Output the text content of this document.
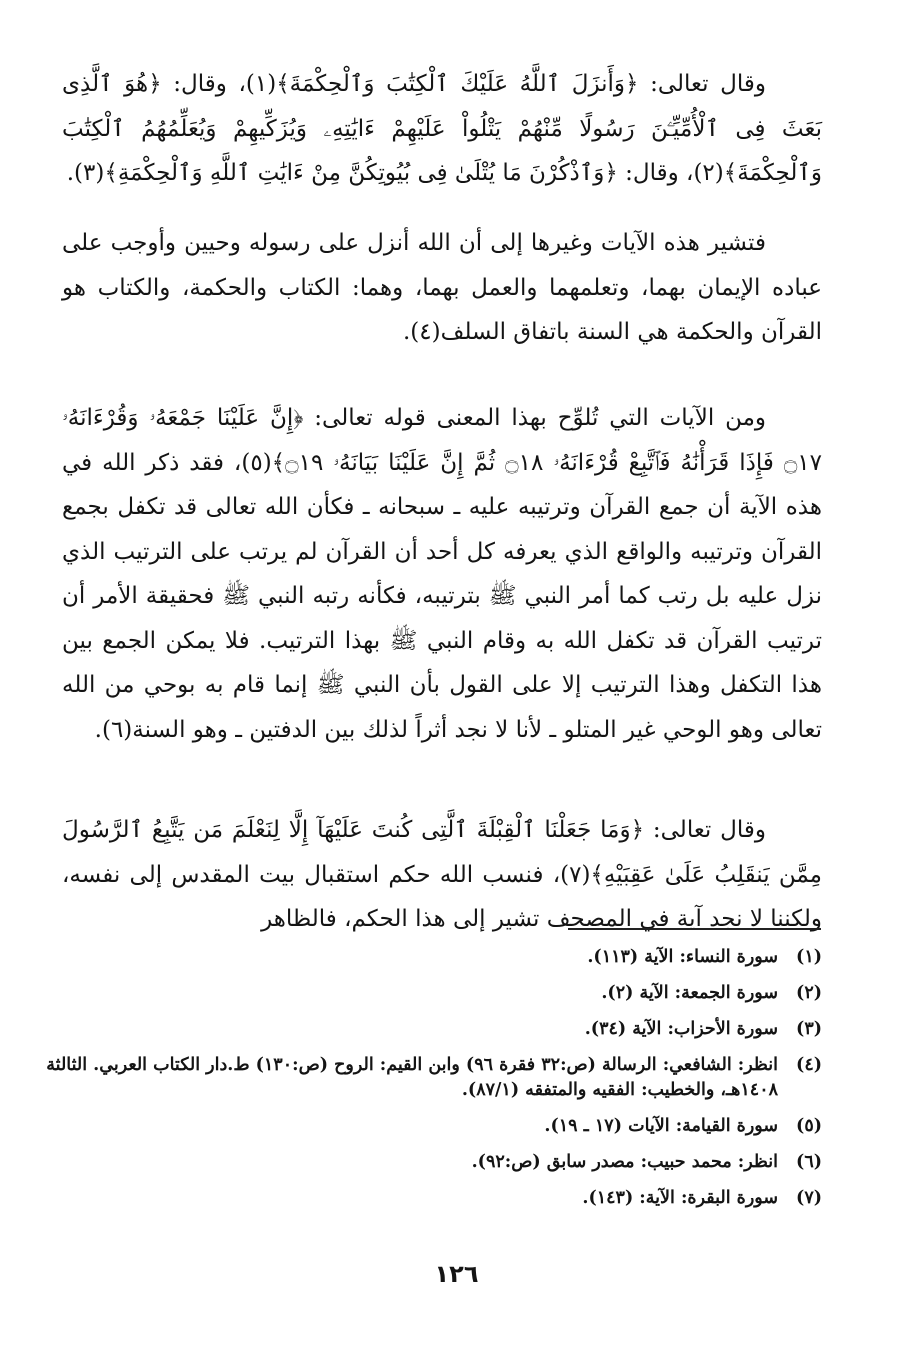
وقال تعالى: ﴿وَأَنزَلَ ٱللَّهُ عَلَيْكَ ٱلْكِتَٰبَ وَٱلْحِكْمَةَ﴾(١)، وقال: ﴿هُوَ ٱلَّذِى بَعَثَ فِى ٱلْأُمِّيِّـۧنَ رَسُولًا مِّنْهُمْ يَتْلُواْ عَلَيْهِمْ ءَايَٰتِهِۦ وَيُزَكِّيهِمْ وَيُعَلِّمُهُمُ ٱلْكِتَٰبَ وَٱلْحِكْمَةَ﴾(٢)، وقال: ﴿وَٱذْكُرْنَ مَا يُتْلَىٰ فِى بُيُوتِكُنَّ مِنْ ءَايَٰتِ ٱللَّهِ وَٱلْحِكْمَةِ﴾(٣).

فتشير هذه الآيات وغيرها إلى أن الله أنزل على رسوله وحيين وأوجب على عباده الإيمان بهما، وتعلمهما والعمل بهما، وهما: الكتاب والحكمة، والكتاب هو القرآن والحكمة هي السنة باتفاق السلف(٤).

ومن الآيات التي تُلوِّح بهذا المعنى قوله تعالى: ﴿إِنَّ عَلَيْنَا جَمْعَهُۥ وَقُرْءَانَهُۥ ۝١٧ فَإِذَا قَرَأْنَٰهُ فَٱتَّبِعْ قُرْءَانَهُۥ ۝١٨ ثُمَّ إِنَّ عَلَيْنَا بَيَانَهُۥ ۝١٩﴾(٥)، فقد ذكر الله في هذه الآية أن جمع القرآن وترتيبه عليه ـ سبحانه ـ فكأن الله تعالى قد تكفل بجمع القرآن وترتيبه والواقع الذي يعرفه كل أحد أن القرآن لم يرتب على الترتيب الذي نزل عليه بل رتب كما أمر النبي ﷺ بترتيبه، فكأنه رتبه النبي ﷺ فحقيقة الأمر أن ترتيب القرآن قد تكفل الله به وقام النبي ﷺ بهذا الترتيب. فلا يمكن الجمع بين هذا التكفل وهذا الترتيب إلا على القول بأن النبي ﷺ إنما قام به بوحي من الله تعالى وهو الوحي غير المتلو ـ لأنا لا نجد أثراً لذلك بين الدفتين ـ وهو السنة(٦).

وقال تعالى: ﴿وَمَا جَعَلْنَا ٱلْقِبْلَةَ ٱلَّتِى كُنتَ عَلَيْهَآ إِلَّا لِنَعْلَمَ مَن يَتَّبِعُ ٱلرَّسُولَ مِمَّن يَنقَلِبُ عَلَىٰ عَقِبَيْهِ﴾(٧)، فنسب الله حكم استقبال بيت المقدس إلى نفسه، ولكننا لا نجد آية في المصحف تشير إلى هذا الحكم، فالظاهر

(١)
سورة النساء: الآية (١١٣).
(٢)
سورة الجمعة: الآية (٢).
(٣)
سورة الأحزاب: الآية (٣٤).
(٤)
انظر: الشافعي: الرسالة (ص:٣٢ فقرة ٩٦) وابن القيم: الروح (ص:١٣٠) ط.دار الكتاب العربي. الثالثة ١٤٠٨هـ، والخطيب: الفقيه والمتفقه (٨٧/١).
(٥)
سورة القيامة: الآيات (١٧ ـ ١٩).
(٦)
انظر: محمد حبيب: مصدر سابق (ص:٩٢).
(٧)
سورة البقرة: الآية: (١٤٣).
١٢٦
